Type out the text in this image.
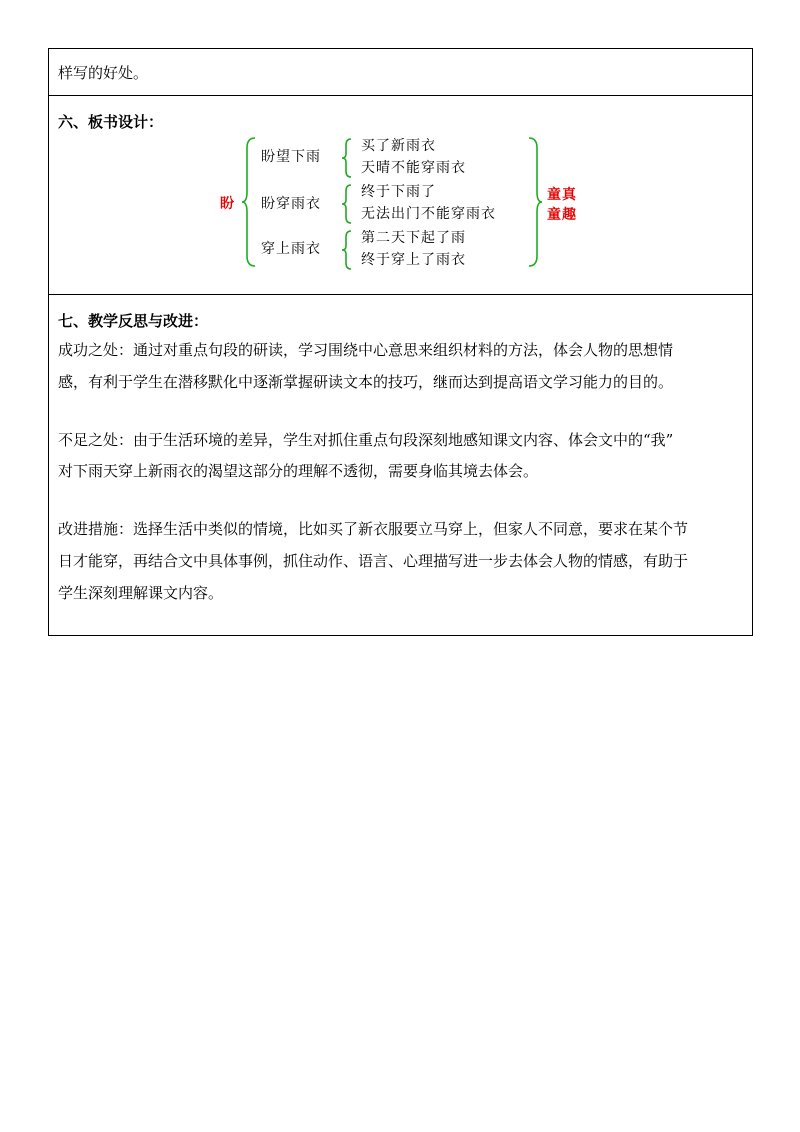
样写的好处。
六、板书设计：
盼
盼望下雨
盼穿雨衣
穿上雨衣
买了新雨衣
天晴不能穿雨衣
终于下雨了
无法出门不能穿雨衣
第二天下起了雨
终于穿上了雨衣
童真
童趣
七、教学反思与改进：
成功之处：通过对重点句段的研读，学习围绕中心意思来组织材料的方法，体会人物的思想情
感，有利于学生在潜移默化中逐渐掌握研读文本的技巧，继而达到提高语文学习能力的目的。
不足之处：由于生活环境的差异，学生对抓住重点句段深刻地感知课文内容、体会文中的“我”
对下雨天穿上新雨衣的渴望这部分的理解不透彻，需要身临其境去体会。
改进措施：选择生活中类似的情境，比如买了新衣服要立马穿上，但家人不同意，要求在某个节
日才能穿，再结合文中具体事例，抓住动作、语言、心理描写进一步去体会人物的情感，有助于
学生深刻理解课文内容。
